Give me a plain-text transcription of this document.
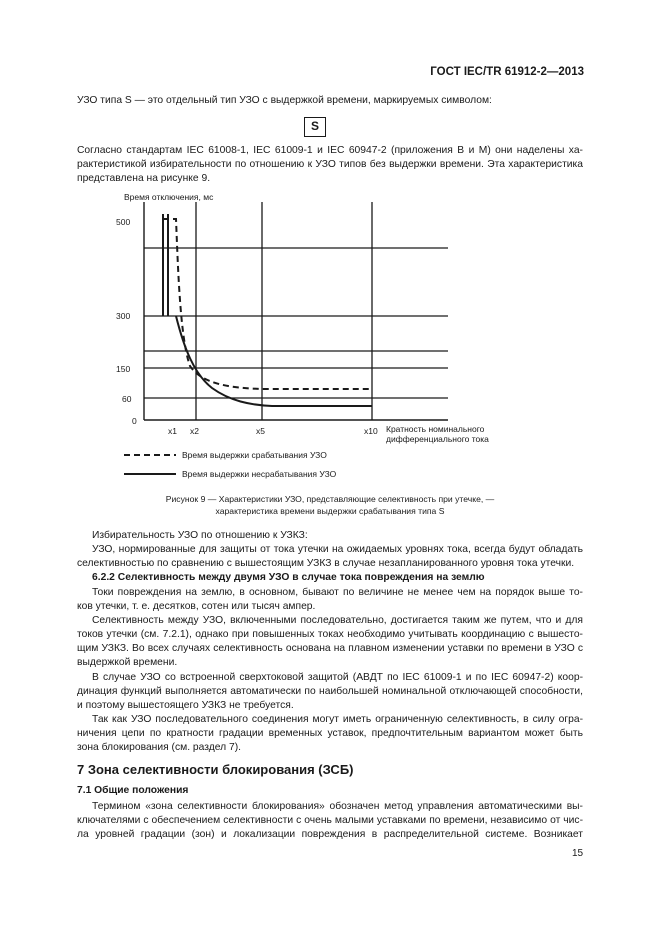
ГОСТ IEC/TR 61912-2—2013
УЗО типа S — это отдельный тип УЗО с выдержкой времени, маркируемых символом:
S
Согласно стандартам IEC 61008-1, IEC 61009-1 и IEC 60947-2 (приложения В и М) они наделены ха-
рактеристикой избирательности по отношению к УЗО типов без выдержки времени. Эта характеристика
представлена на рисунке 9.
Время отключения, мс
500
300
150
60
0
x1 x2	x5	x10 Кратность номинального
дифференциального тока
Время выдержки срабатывания УЗО
Время выдержки несрабатывания УЗО
Рисунок 9 — Характеристики УЗО, представляющие селективность при утечке, —
характеристика времени выдержки срабатывания типа S
Избирательность УЗО по отношению к УЗКЗ:
УЗО, нормированные для защиты от тока утечки на ожидаемых уровнях тока, всегда будут обладать
селективностью по сравнению с вышестоящим УЗКЗ в случае незапланированного уровня тока утечки.
6.2.2 Селективность между двумя УЗО в случае тока повреждения на землю
Токи повреждения на землю, в основном, бывают по величине не менее чем на порядок выше то-
ков утечки, т. е. десятков, сотен или тысяч ампер.
Селективность между УЗО, включенными последовательно, достигается таким же путем, что и для
токов утечки (см. 7.2.1), однако при повышенных токах необходимо учитывать координацию с вышесто-
щим УЗКЗ. Во всех случаях селективность основана на плавном изменении уставки по времени в УЗО с
выдержкой времени.
В случае УЗО со встроенной сверхтоковой защитой (АВДТ по IEC 61009-1 и по IEC 60947-2) коор-
динация функций выполняется автоматически по наибольшей номинальной отключающей способности,
и поэтому вышестоящего УЗКЗ не требуется.
Так как УЗО последовательного соединения могут иметь ограниченную селективность, в силу огра-
ничения цепи по кратности градации временных уставок, предпочтительным вариантом может быть
зона блокирования (см. раздел 7).
7 Зона селективности блокирования (ЗСБ)
7.1 Общие положения
Термином «зона селективности блокирования» обозначен метод управления автоматическими вы-
ключателями с обеспечением селективности с очень малыми уставками по времени, независимо от чис-
ла уровней градации (зон) и локализации повреждения в распределительной системе. Возникает
15
